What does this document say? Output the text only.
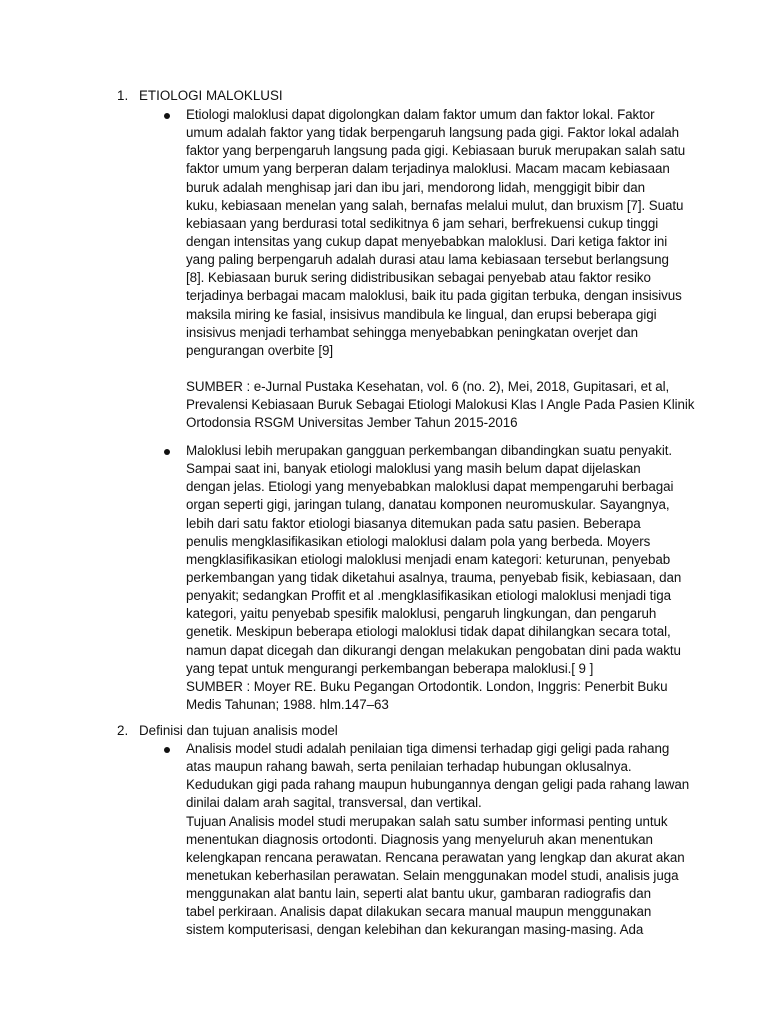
1. ETIOLOGI MALOKLUSI
Etiologi maloklusi dapat digolongkan dalam faktor umum dan faktor lokal. Faktor
umum adalah faktor yang tidak berpengaruh langsung pada gigi. Faktor lokal adalah
faktor yang berpengaruh langsung pada gigi. Kebiasaan buruk merupakan salah satu
faktor umum yang berperan dalam terjadinya maloklusi. Macam macam kebiasaan
buruk adalah menghisap jari dan ibu jari, mendorong lidah, menggigit bibir dan
kuku, kebiasaan menelan yang salah, bernafas melalui mulut, dan bruxism [7]. Suatu
kebiasaan yang berdurasi total sedikitnya 6 jam sehari, berfrekuensi cukup tinggi
dengan intensitas yang cukup dapat menyebabkan maloklusi. Dari ketiga faktor ini
yang paling berpengaruh adalah durasi atau lama kebiasaan tersebut berlangsung
[8]. Kebiasaan buruk sering didistribusikan sebagai penyebab atau faktor resiko
terjadinya berbagai macam maloklusi, baik itu pada gigitan terbuka, dengan insisivus
maksila miring ke fasial, insisivus mandibula ke lingual, dan erupsi beberapa gigi
insisivus menjadi terhambat sehingga menyebabkan peningkatan overjet dan
pengurangan overbite [9]
SUMBER : e-Jurnal Pustaka Kesehatan, vol. 6 (no. 2), Mei, 2018, Gupitasari, et al,
Prevalensi Kebiasaan Buruk Sebagai Etiologi Malokusi Klas I Angle Pada Pasien Klinik
Ortodonsia RSGM Universitas Jember Tahun 2015-2016
Maloklusi lebih merupakan gangguan perkembangan dibandingkan suatu penyakit.
Sampai saat ini, banyak etiologi maloklusi yang masih belum dapat dijelaskan
dengan jelas. Etiologi yang menyebabkan maloklusi dapat mempengaruhi berbagai
organ seperti gigi, jaringan tulang, danatau komponen neuromuskular. Sayangnya,
lebih dari satu faktor etiologi biasanya ditemukan pada satu pasien. Beberapa
penulis mengklasifikasikan etiologi maloklusi dalam pola yang berbeda. Moyers
mengklasifikasikan etiologi maloklusi menjadi enam kategori: keturunan, penyebab
perkembangan yang tidak diketahui asalnya, trauma, penyebab fisik, kebiasaan, dan
penyakit; sedangkan Proffit et al .mengklasifikasikan etiologi maloklusi menjadi tiga
kategori, yaitu penyebab spesifik maloklusi, pengaruh lingkungan, dan pengaruh
genetik. Meskipun beberapa etiologi maloklusi tidak dapat dihilangkan secara total,
namun dapat dicegah dan dikurangi dengan melakukan pengobatan dini pada waktu
yang tepat untuk mengurangi perkembangan beberapa maloklusi.[ 9 ]
SUMBER : Moyer RE. Buku Pegangan Ortodontik. London, Inggris: Penerbit Buku
Medis Tahunan; 1988. hlm.147–63
2. Definisi dan tujuan analisis model
Analisis model studi adalah penilaian tiga dimensi terhadap gigi geligi pada rahang
atas maupun rahang bawah, serta penilaian terhadap hubungan oklusalnya.
Kedudukan gigi pada rahang maupun hubungannya dengan geligi pada rahang lawan
dinilai dalam arah sagital, transversal, dan vertikal.
Tujuan Analisis model studi merupakan salah satu sumber informasi penting untuk
menentukan diagnosis ortodonti. Diagnosis yang menyeluruh akan menentukan
kelengkapan rencana perawatan. Rencana perawatan yang lengkap dan akurat akan
menetukan keberhasilan perawatan. Selain menggunakan model studi, analisis juga
menggunakan alat bantu lain, seperti alat bantu ukur, gambaran radiografis dan
tabel perkiraan. Analisis dapat dilakukan secara manual maupun menggunakan
sistem komputerisasi, dengan kelebihan dan kekurangan masing-masing. Ada
